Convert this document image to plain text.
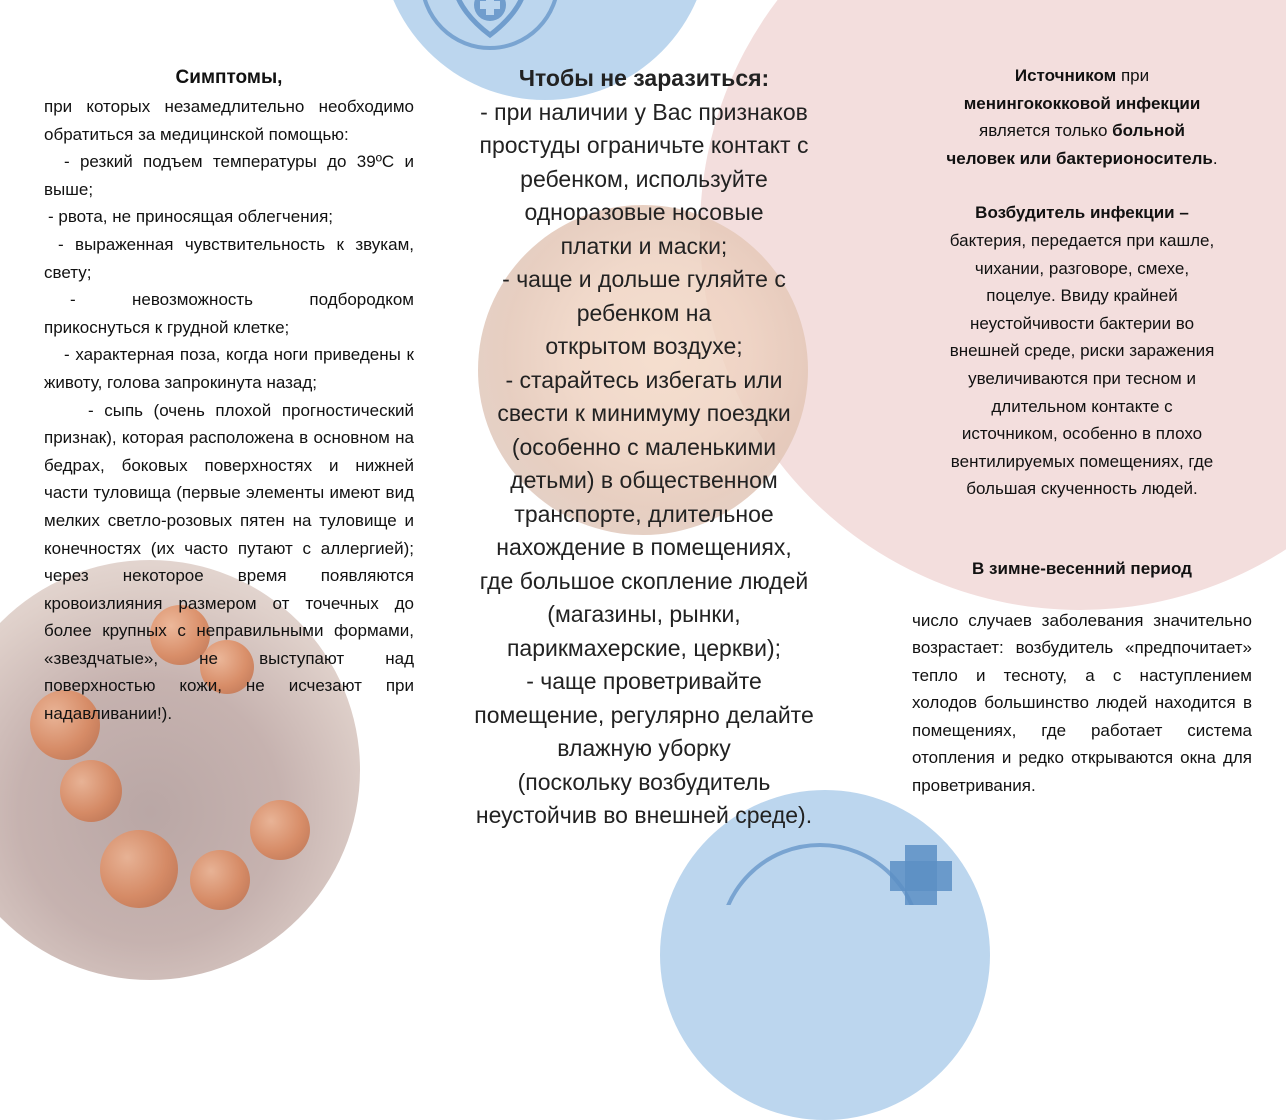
Симптомы,

при которых незамедлительно необходимо обратиться за медицинской помощью:

- резкий подъем температуры до 39ºС и выше;

- рвота, не приносящая облегчения;

- выраженная чувствительность к звукам, свету;

- невозможность подбородком прикоснуться к грудной клетке;

- характерная поза, когда ноги приведены к животу, голова запрокинута назад;

- сыпь (очень плохой прогностический признак), которая расположена в основном на бедрах, боковых поверхностях и нижней части туловища (первые элементы имеют вид мелких светло-розовых пятен на туловище и конечностях (их часто путают с аллергией); через некоторое время появляются кровоизлияния размером от точечных до более крупных с неправильными формами, «звездчатые», не выступают над поверхностью кожи, не исчезают при надавливании!).

Чтобы не заразиться:
- при наличии у Вас признаков
простуды ограничьте контакт с
ребенком, используйте
одноразовые носовые
платки и маски;
- чаще и дольше гуляйте с
ребенком на
открытом воздухе;
- старайтесь избегать или
свести к минимуму поездки
(особенно с маленькими
детьми) в общественном
транспорте, длительное
нахождение в помещениях,
где большое скопление людей
(магазины, рынки,
парикмахерские, церкви);
- чаще проветривайте
помещение, регулярно делайте
влажную уборку
(поскольку возбудитель
неустойчив во внешней среде).

Источником при

менингококковой инфекции

является только больной

человек или бактерионоситель.

Возбудитель инфекции –

бактерия, передается при кашле,

чихании, разговоре, смехе,

поцелуе. Ввиду крайней

неустойчивости бактерии во

внешней среде, риски заражения

увеличиваются при тесном и

длительном контакте с

источником, особенно в плохо

вентилируемых помещениях, где

большая скученность людей.

В зимне-весенний период

число случаев заболевания значительно возрастает: возбудитель «предпочитает» тепло и тесноту, а с наступлением холодов большинство людей находится в помещениях, где работает система отопления и редко открываются окна для проветривания.
